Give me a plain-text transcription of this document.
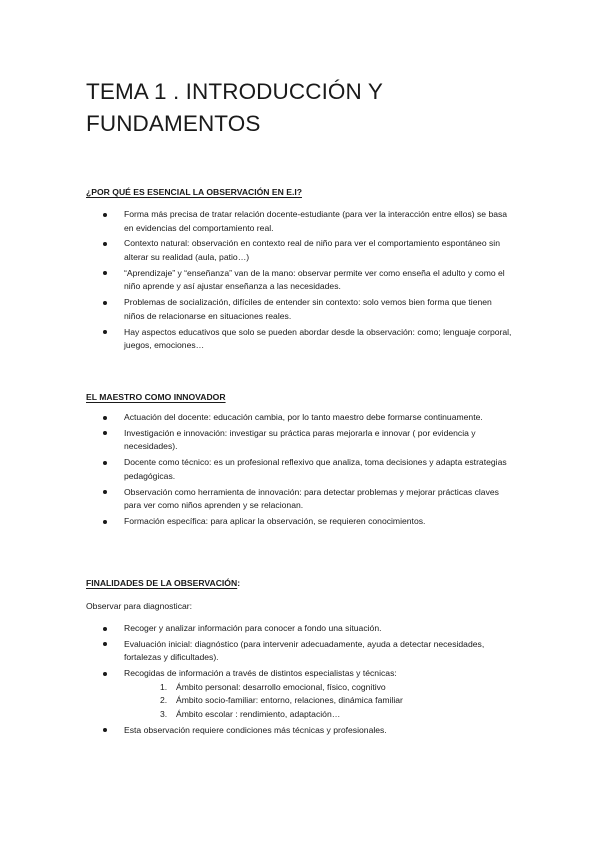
TEMA 1 . INTRODUCCIÓN Y FUNDAMENTOS

¿POR QUÉ ES ESENCIAL LA OBSERVACIÓN EN E.I?

Forma más precisa de tratar relación docente-estudiante (para ver la interacción entre ellos) se basa en evidencias del comportamiento real.
Contexto natural: observación en contexto real de niño para ver el comportamiento espontáneo sin alterar su realidad (aula, patio…)
“Aprendizaje” y “enseñanza” van de la mano: observar permite ver como enseña el adulto y como el niño aprende y así ajustar enseñanza a las necesidades.
Problemas de socialización, difíciles de entender sin contexto: solo vemos bien forma que tienen niños de relacionarse en situaciones reales.
Hay aspectos educativos que solo se pueden abordar desde la observación: como; lenguaje corporal, juegos, emociones…

EL MAESTRO COMO INNOVADOR

Actuación del docente: educación cambia, por lo tanto maestro debe formarse continuamente.
Investigación e innovación: investigar su práctica paras mejorarla e innovar ( por evidencia y necesidades).
Docente como técnico: es un profesional reflexivo que analiza, toma decisiones y adapta estrategias pedagógicas.
Observación como herramienta de innovación: para detectar problemas y mejorar prácticas claves para ver como niños aprenden y se relacionan.
Formación específica: para aplicar la observación, se requieren conocimientos.

FINALIDADES DE LA OBSERVACIÓN:

Observar para diagnosticar:

Recoger y analizar información para conocer a fondo una situación.
Evaluación inicial: diagnóstico (para intervenir adecuadamente, ayuda a detectar necesidades, fortalezas y dificultades).
Recogidas de información a través de distintos especialistas y técnicas:
1. Ámbito personal: desarrollo emocional, físico, cognitivo
2. Ámbito socio-familiar: entorno, relaciones, dinámica familiar
3. Ámbito escolar : rendimiento, adaptación…
Esta observación requiere condiciones más técnicas y profesionales.
